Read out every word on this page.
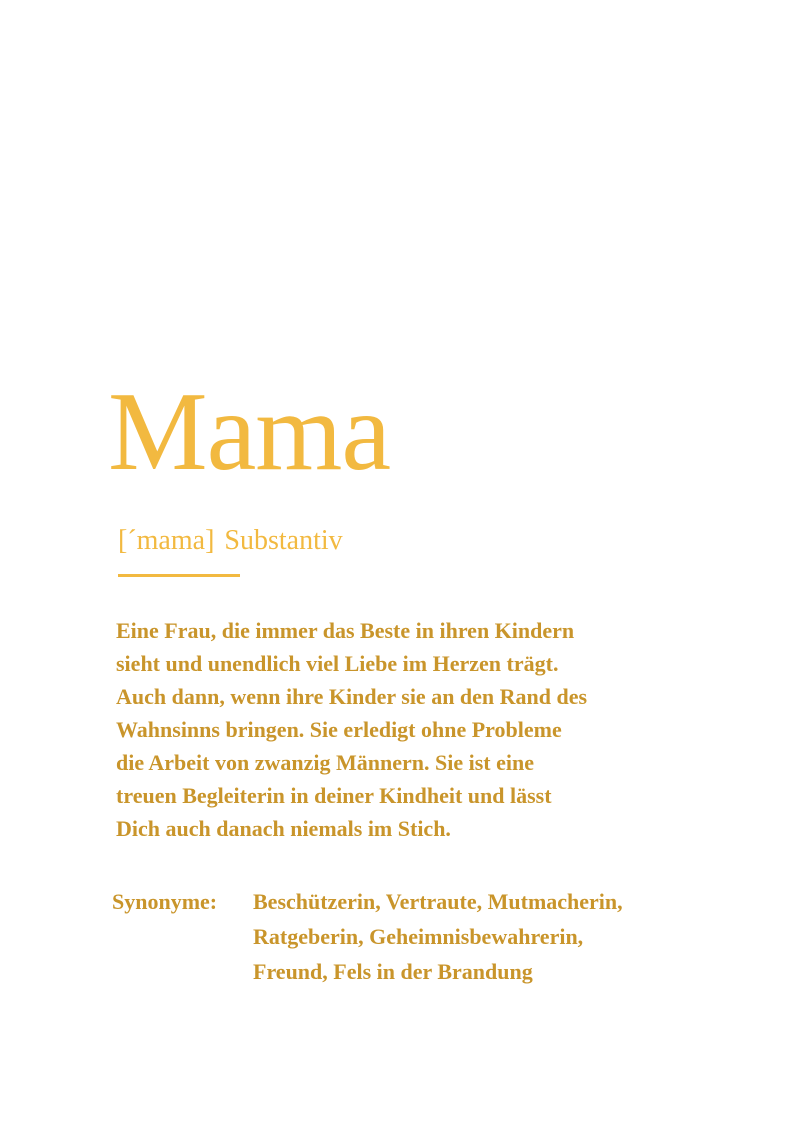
Mama
[´mama] Substantiv
Eine Frau, die immer das Beste in ihren Kindern
sieht und unendlich viel Liebe im Herzen trägt.
Auch dann, wenn ihre Kinder sie an den Rand des
Wahnsinns bringen. Sie erledigt ohne Probleme
die Arbeit von zwanzig Männern. Sie ist eine
treuen Begleiterin in deiner Kindheit und lässt
Dich auch danach niemals im Stich.
Synonyme: Beschützerin, Vertraute, Mutmacherin,
Ratgeberin, Geheimnisbewahrerin,
Freund, Fels in der Brandung
